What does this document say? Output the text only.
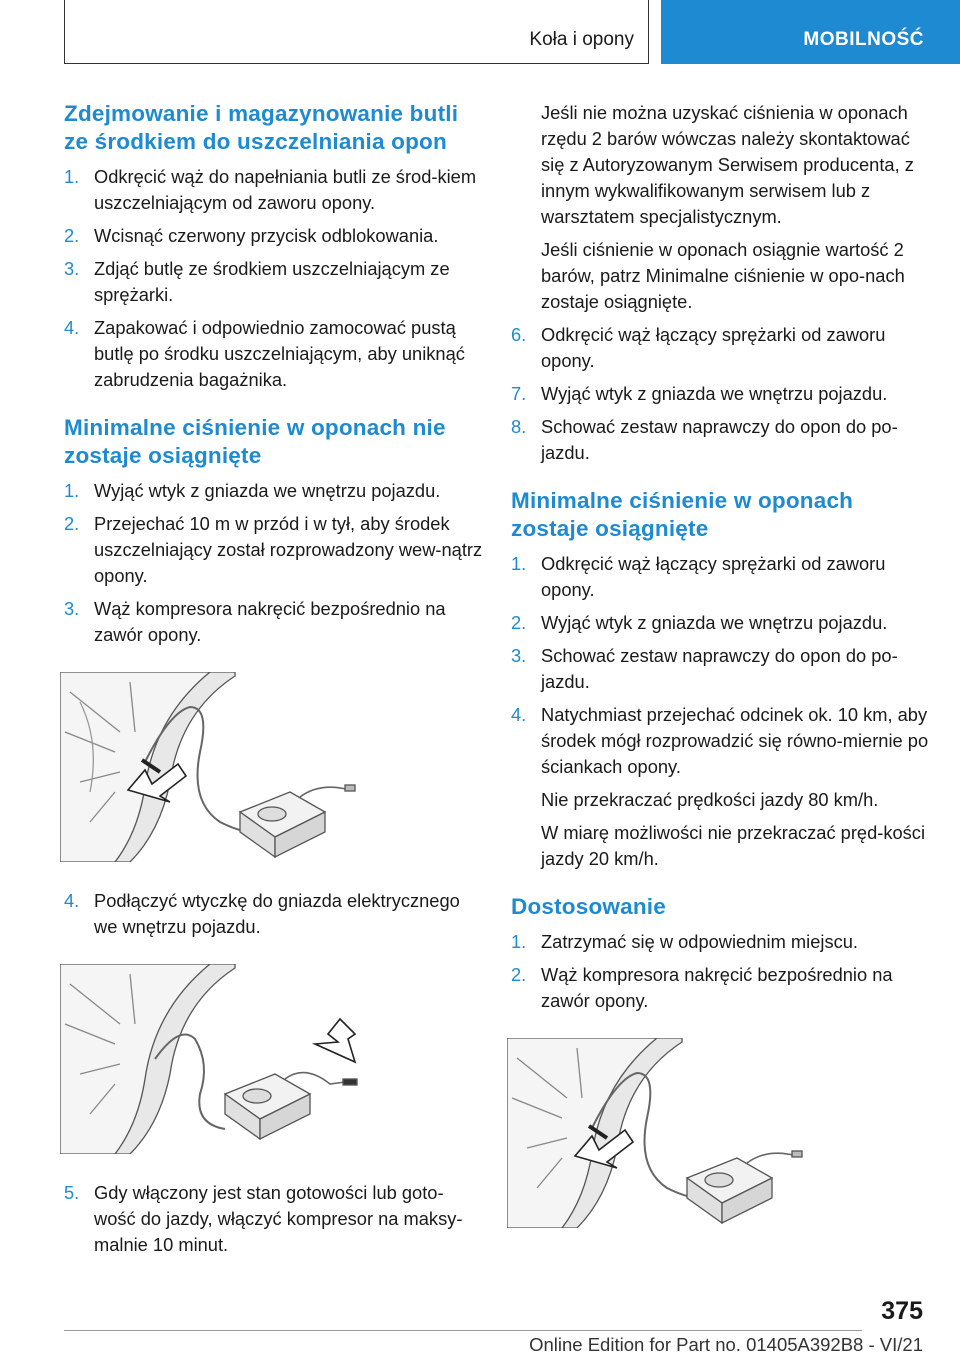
Koła i opony	MOBILNOŚĆ
Zdejmowanie i magazynowanie butli
ze środkiem do uszczelniania opon
1. Odkręcić wąż do napełniania butli ze środ‐kiem uszczelniającym od zaworu opony.
2. Wcisnąć czerwony przycisk odblokowania.
3. Zdjąć butlę ze środkiem uszczelniającym ze sprężarki.
4. Zapakować i odpowiednio zamocować pustą butlę po środku uszczelniającym, aby uniknąć zabrudzenia bagażnika.
Minimalne ciśnienie w oponach nie
zostaje osiągnięte
1. Wyjąć wtyk z gniazda we wnętrzu pojazdu.
2. Przejechać 10 m w przód i w tył, aby środek uszczelniający został rozprowadzony wew‐nątrz opony.
3. Wąż kompresora nakręcić bezpośrednio na zawór opony.
4. Podłączyć wtyczkę do gniazda elektrycznego we wnętrzu pojazdu.
5. Gdy włączony jest stan gotowości lub goto‐wość do jazdy, włączyć kompresor na maksy‐malnie 10 minut.
Jeśli nie można uzyskać ciśnienia w oponach rzędu 2 barów wówczas należy skontaktować się z Autoryzowanym Serwisem producenta, z innym wykwalifikowanym serwisem lub z warsztatem specjalistycznym.
Jeśli ciśnienie w oponach osiągnie wartość 2 barów, patrz Minimalne ciśnienie w opo‐nach zostaje osiągnięte.
6. Odkręcić wąż łączący sprężarki od zaworu opony.
7. Wyjąć wtyk z gniazda we wnętrzu pojazdu.
8. Schować zestaw naprawczy do opon do po‐jazdu.
Minimalne ciśnienie w oponach
zostaje osiągnięte
1. Odkręcić wąż łączący sprężarki od zaworu opony.
2. Wyjąć wtyk z gniazda we wnętrzu pojazdu.
3. Schować zestaw naprawczy do opon do po‐jazdu.
4. Natychmiast przejechać odcinek ok. 10 km, aby środek mógł rozprowadzić się równo‐miernie po ściankach opony.
Nie przekraczać prędkości jazdy 80 km/h.
W miarę możliwości nie przekraczać pręd‐kości jazdy 20 km/h.
Dostosowanie
1. Zatrzymać się w odpowiednim miejscu.
2. Wąż kompresora nakręcić bezpośrednio na zawór opony.
375
Online Edition for Part no. 01405A392B8 - VI/21
